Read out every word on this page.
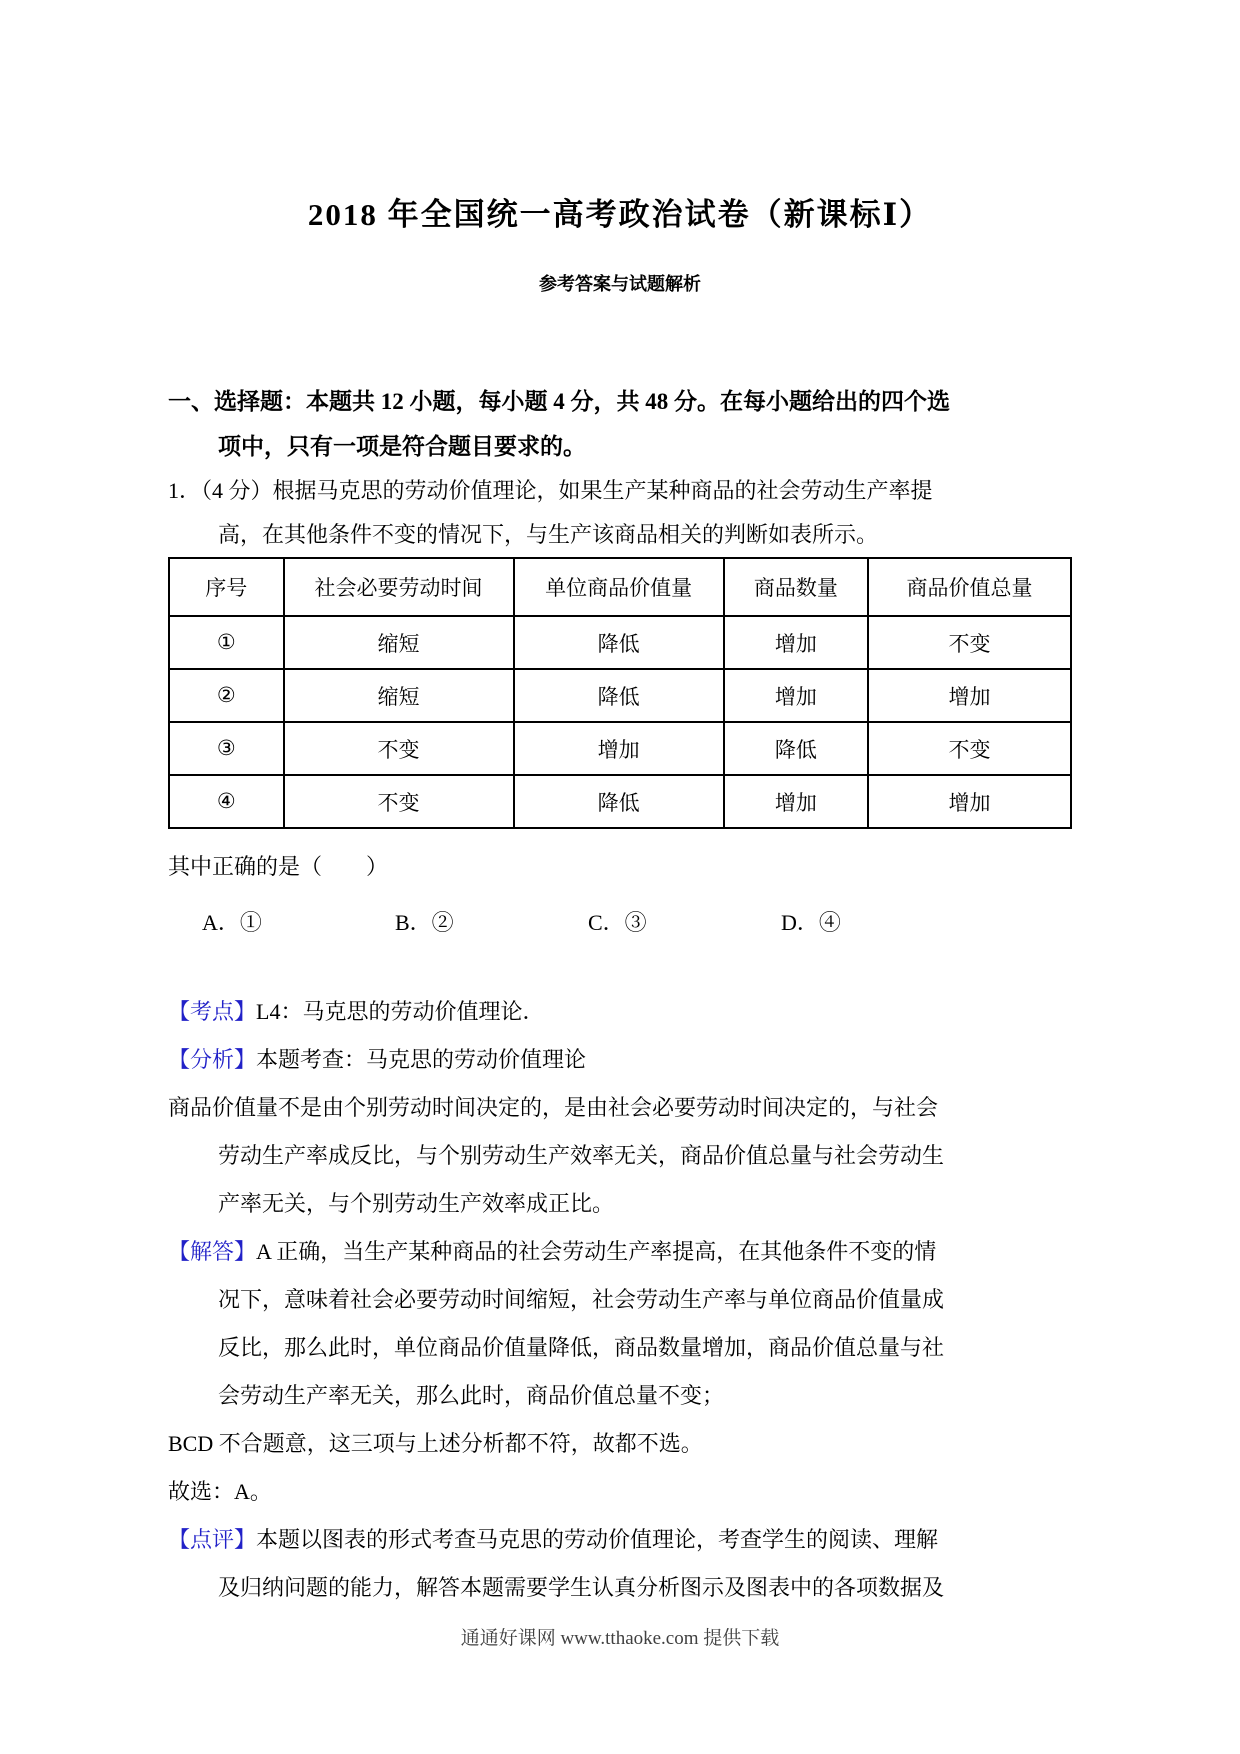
2018 年全国统一高考政治试卷（新课标Ⅰ）
参考答案与试题解析
一、选择题：本题共 12 小题，每小题 4 分，共 48 分。在每小题给出的四个选
项中，只有一项是符合题目要求的。
1．（4 分）根据马克思的劳动价值理论，如果生产某种商品的社会劳动生产率提
高，在其他条件不变的情况下，与生产该商品相关的判断如表所示。
序号	社会必要劳动时间	单位商品价值量	商品数量	商品价值总量
①	缩短	降低	增加	不变
②	缩短	降低	增加	增加
③	不变	增加	降低	不变
④	不变	降低	增加	增加
其中正确的是（　　）
A．①	B．②	C．③	D．④
【考点】L4：马克思的劳动价值理论．
【分析】本题考查：马克思的劳动价值理论
商品价值量不是由个别劳动时间决定的，是由社会必要劳动时间决定的，与社会
劳动生产率成反比，与个别劳动生产效率无关，商品价值总量与社会劳动生
产率无关，与个别劳动生产效率成正比。
【解答】A 正确，当生产某种商品的社会劳动生产率提高，在其他条件不变的情
况下，意味着社会必要劳动时间缩短，社会劳动生产率与单位商品价值量成
反比，那么此时，单位商品价值量降低，商品数量增加，商品价值总量与社
会劳动生产率无关，那么此时，商品价值总量不变；
BCD 不合题意，这三项与上述分析都不符，故都不选。
故选：A。
【点评】本题以图表的形式考查马克思的劳动价值理论，考查学生的阅读、理解
及归纳问题的能力，解答本题需要学生认真分析图示及图表中的各项数据及
通通好课网 www.tthaoke.com 提供下载
